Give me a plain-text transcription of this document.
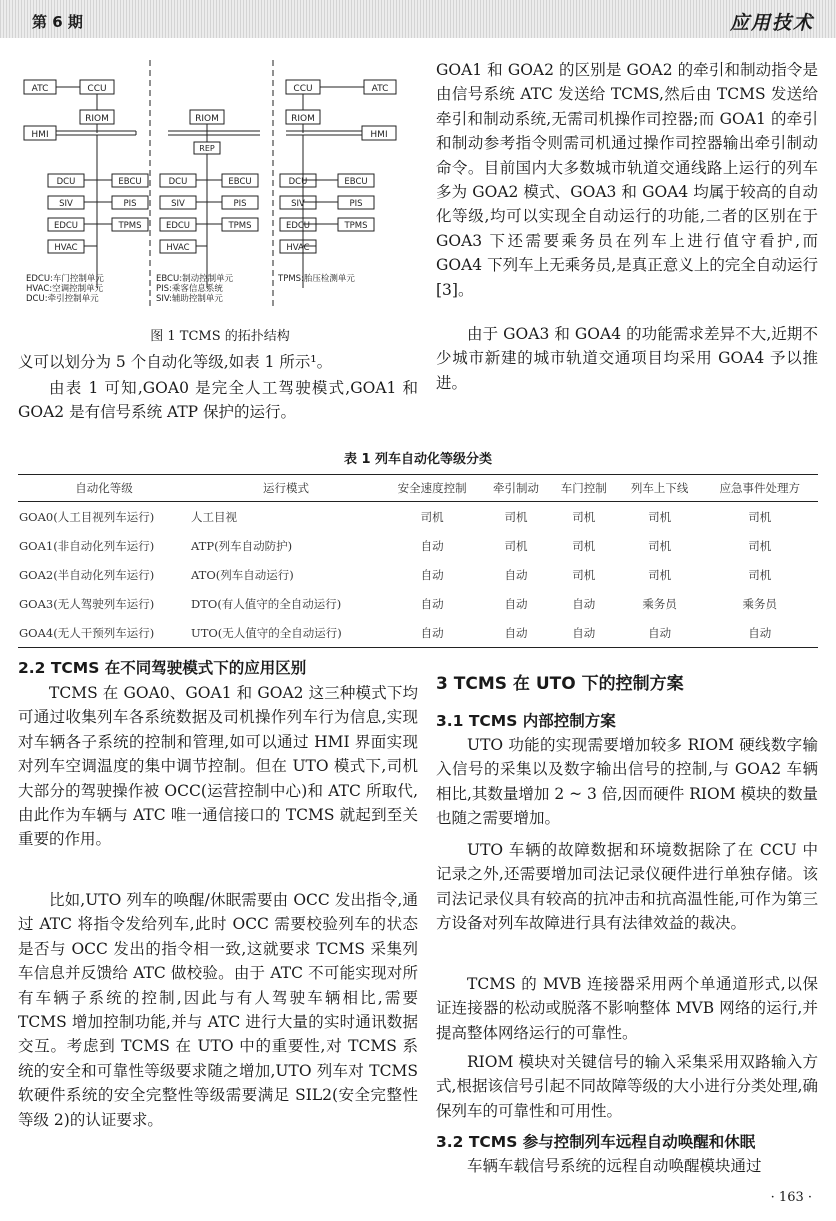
第 6 期	应用技术
ATC	CCU
RIOM
HMI
RIOM
REP
CCU	ATC
RIOM
HMI
DCU	EBCU
SIV	PIS
EDCU	TPMS
HVAC
DCU	EBCU
SIV	PIS
EDCU	TPMS
HVAC
DCU	EBCU
SIV	PIS
EDCU	TPMS
HVAC
EDCU:车门控制单元
HVAC:空调控制单元
DCU:牵引控制单元
EBCU:制动控制单元
PIS:乘客信息系统
SIV:辅助控制单元
TPMS:胎压检测单元
图 1 TCMS 的拓扑结构

义可以划分为 5 个自动化等级,如表 1 所示¹。

由表 1 可知,GOA0 是完全人工驾驶模式,GOA1 和 GOA2 是有信号系统 ATP 保护的运行。

GOA1 和 GOA2 的区别是 GOA2 的牵引和制动指令是由信号系统 ATC 发送给 TCMS,然后由 TCMS 发送给牵引和制动系统,无需司机操作司控器;而 GOA1 的牵引和制动参考指令则需司机通过操作司控器输出牵引制动命令。目前国内大多数城市轨道交通线路上运行的列车多为 GOA2 模式、GOA3 和 GOA4 均属于较高的自动化等级,均可以实现全自动运行的功能,二者的区别在于 GOA3 下还需要乘务员在列车上进行值守看护,而 GOA4 下列车上无乘务员,是真正意义上的完全自动运行[3]。

由于 GOA3 和 GOA4 的功能需求差异不大,近期不少城市新建的城市轨道交通项目均采用 GOA4 予以推进。

表 1 列车自动化等级分类
自动化等级	运行模式	安全速度控制	牵引制动	车门控制	列车上下线	应急事件处理方
GOA0(人工目视列车运行)	人工目视	司机	司机	司机	司机	司机
GOA1(非自动化列车运行)	ATP(列车自动防护)	自动	司机	司机	司机	司机
GOA2(半自动化列车运行)	ATO(列车自动运行)	自动	自动	司机	司机	司机
GOA3(无人驾驶列车运行)	DTO(有人值守的全自动运行)	自动	自动	自动	乘务员	乘务员
GOA4(无人干预列车运行)	UTO(无人值守的全自动运行)	自动	自动	自动	自动	自动
2.2 TCMS 在不同驾驶模式下的应用区别

TCMS 在 GOA0、GOA1 和 GOA2 这三种模式下均可通过收集列车各系统数据及司机操作列车行为信息,实现对车辆各子系统的控制和管理,如可以通过 HMI 界面实现对列车空调温度的集中调节控制。但在 UTO 模式下,司机大部分的驾驶操作被 OCC(运营控制中心)和 ATC 所取代,由此作为车辆与 ATC 唯一通信接口的 TCMS 就起到至关重要的作用。

比如,UTO 列车的唤醒/休眠需要由 OCC 发出指令,通过 ATC 将指令发给列车,此时 OCC 需要校验列车的状态是否与 OCC 发出的指令相一致,这就要求 TCMS 采集列车信息并反馈给 ATC 做校验。由于 ATC 不可能实现对所有车辆子系统的控制,因此与有人驾驶车辆相比,需要 TCMS 增加控制功能,并与 ATC 进行大量的实时通讯数据交互。考虑到 TCMS 在 UTO 中的重要性,对 TCMS 系统的安全和可靠性等级要求随之增加,UTO 列车对 TCMS 软硬件系统的安全完整性等级需要满足 SIL2(安全完整性等级 2)的认证要求。

3 TCMS 在 UTO 下的控制方案
3.1 TCMS 内部控制方案

UTO 功能的实现需要增加较多 RIOM 硬线数字输入信号的采集以及数字输出信号的控制,与 GOA2 车辆相比,其数量增加 2 ~ 3 倍,因而硬件 RIOM 模块的数量也随之需要增加。

UTO 车辆的故障数据和环境数据除了在 CCU 中记录之外,还需要增加司法记录仪硬件进行单独存储。该司法记录仪具有较高的抗冲击和抗高温性能,可作为第三方设备对列车故障进行具有法律效益的裁决。

TCMS 的 MVB 连接器采用两个单通道形式,以保证连接器的松动或脱落不影响整体 MVB 网络的运行,并提高整体网络运行的可靠性。

RIOM 模块对关键信号的输入采集采用双路输入方式,根据该信号引起不同故障等级的大小进行分类处理,确保列车的可靠性和可用性。

3.2 TCMS 参与控制列车远程自动唤醒和休眠

车辆车载信号系统的远程自动唤醒模块通过

· 163 ·
